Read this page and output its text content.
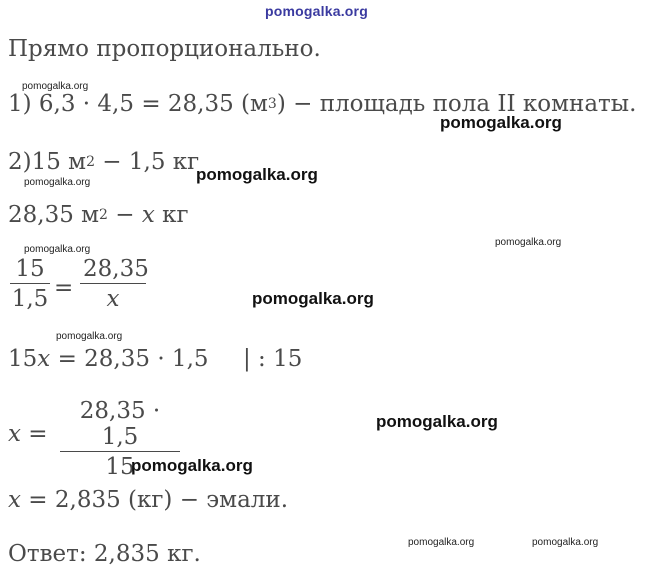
pomogalka.org
Прямо пропорционально.
1) 6,3 · 4,5 = 28,35 $(м^3)$ − площадь пола II комнаты.
2)15 $м^2 - 1,5$ кг
28,35 $м^2 - x$ кг
15
1,5 =
28,35
x
15x = 28,35 · 1,5 | : 15
x =
28,35 · 1,5
15
x = 2,835 (кг) − эмали.
Ответ: 2,835 кг.
pomogalka.org
pomogalka.org
pomogalka.org	pomogalka.org
pomogalka.org
pomogalka.org
pomogalka.org
pomogalka.org
pomogalka.org
pomogalka.org
pomogalka.org	pomogalka.org
